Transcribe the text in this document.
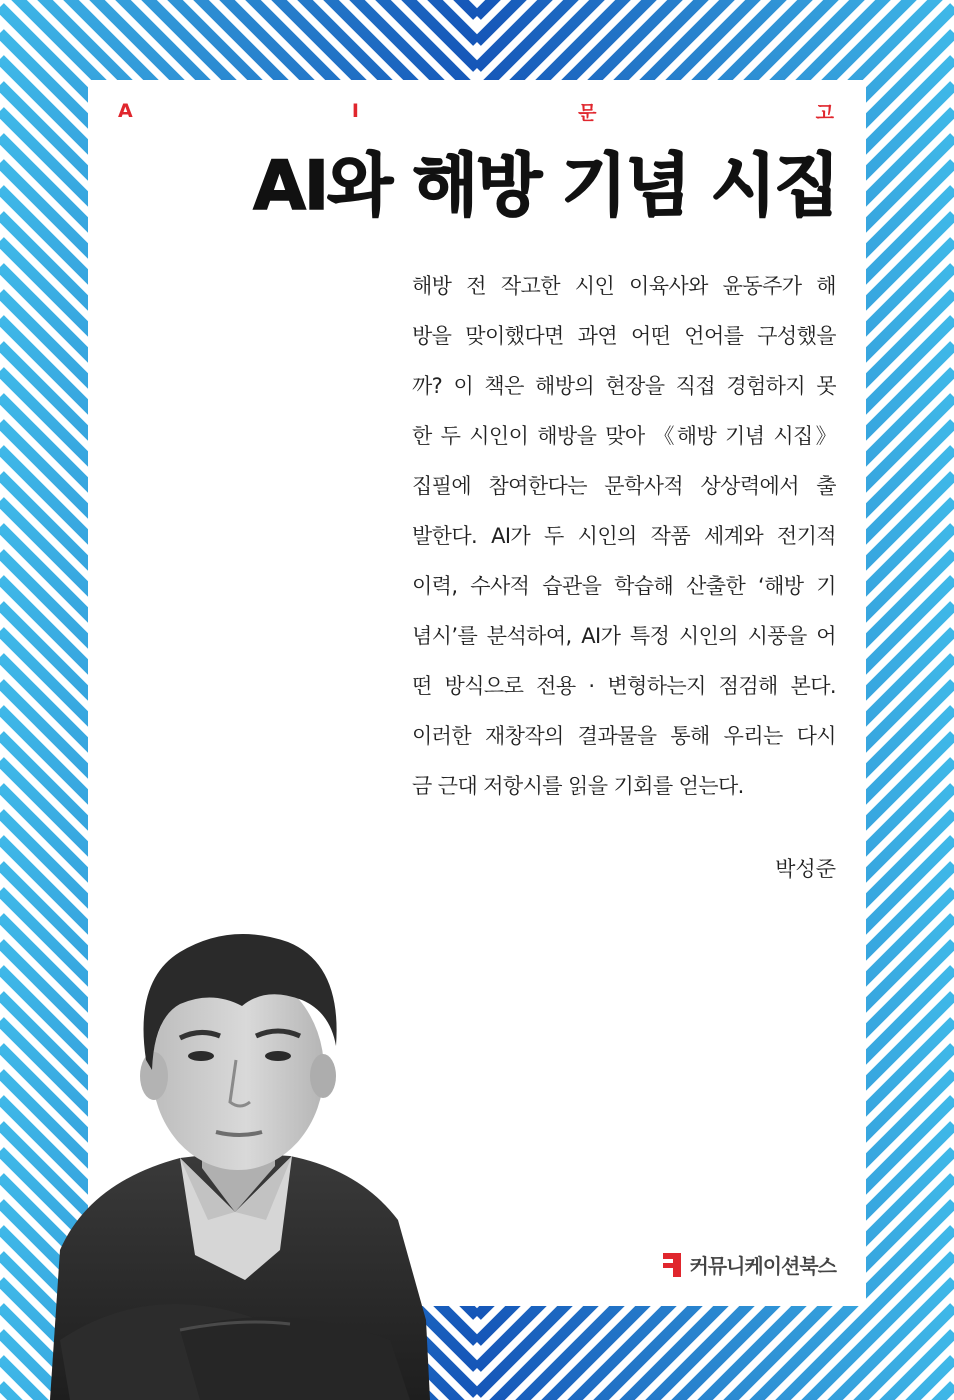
A	I	문	고
AI와 해방 기념 시집
해방 전 작고한 시인 이육사와 윤동주가 해
방을 맞이했다면 과연 어떤 언어를 구성했을
까? 이 책은 해방의 현장을 직접 경험하지 못
한 두 시인이 해방을 맞아 《해방 기념 시집》
집필에 참여한다는 문학사적 상상력에서 출
발한다. AI가 두 시인의 작품 세계와 전기적
이력, 수사적 습관을 학습해 산출한 ‘해방 기
념시’를 분석하여, AI가 특정 시인의 시풍을 어
떤 방식으로 전용 · 변형하는지 점검해 본다.
이러한 재창작의 결과물을 통해 우리는 다시
금 근대 저항시를 읽을 기회를 얻는다.
박성준
커뮤니케이션북스
